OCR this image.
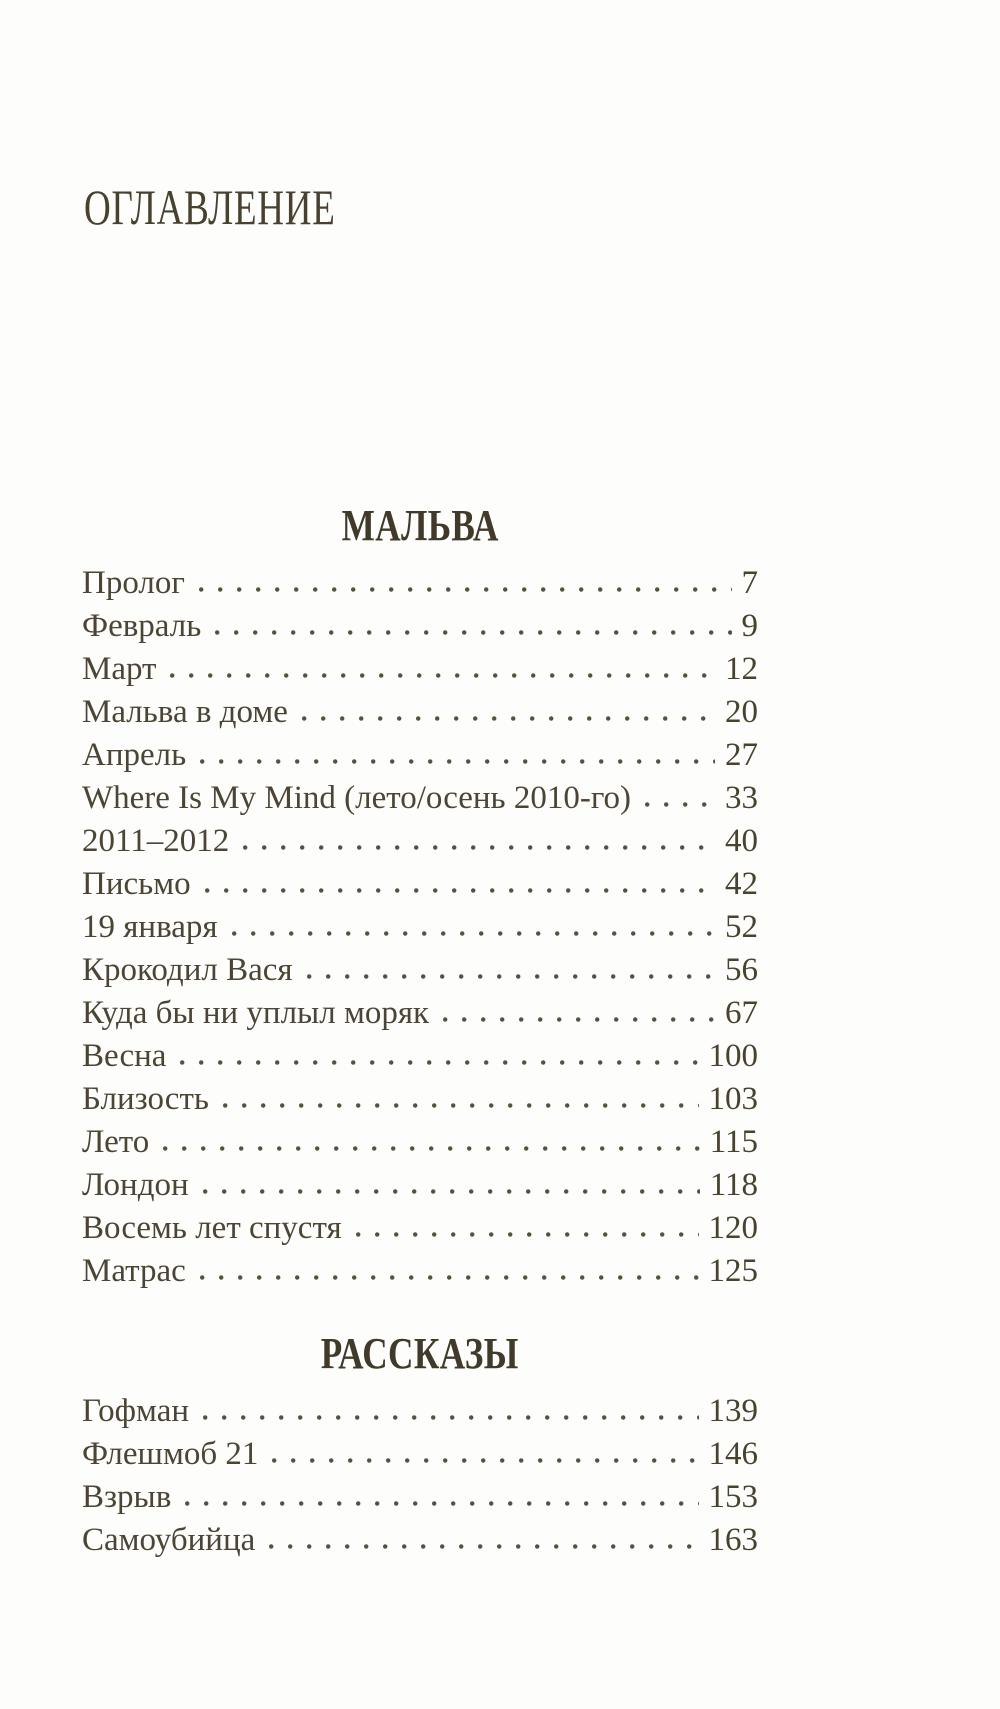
ОГЛАВЛЕНИЕ
МАЛЬВА
Пролог	7
Февраль	9
Март	12
Мальва в доме	20
Апрель	27
Where Is My Mind (лето/осень 2010-го)	33
2011–2012	40
Письмо	42
19 января	52
Крокодил Вася	56
Куда бы ни уплыл моряк	67
Весна	100
Близость	103
Лето	115
Лондон	118
Восемь лет спустя	120
Матрас	125
РАССКАЗЫ
Гофман	139
Флешмоб 21	146
Взрыв	153
Самоубийца	163
